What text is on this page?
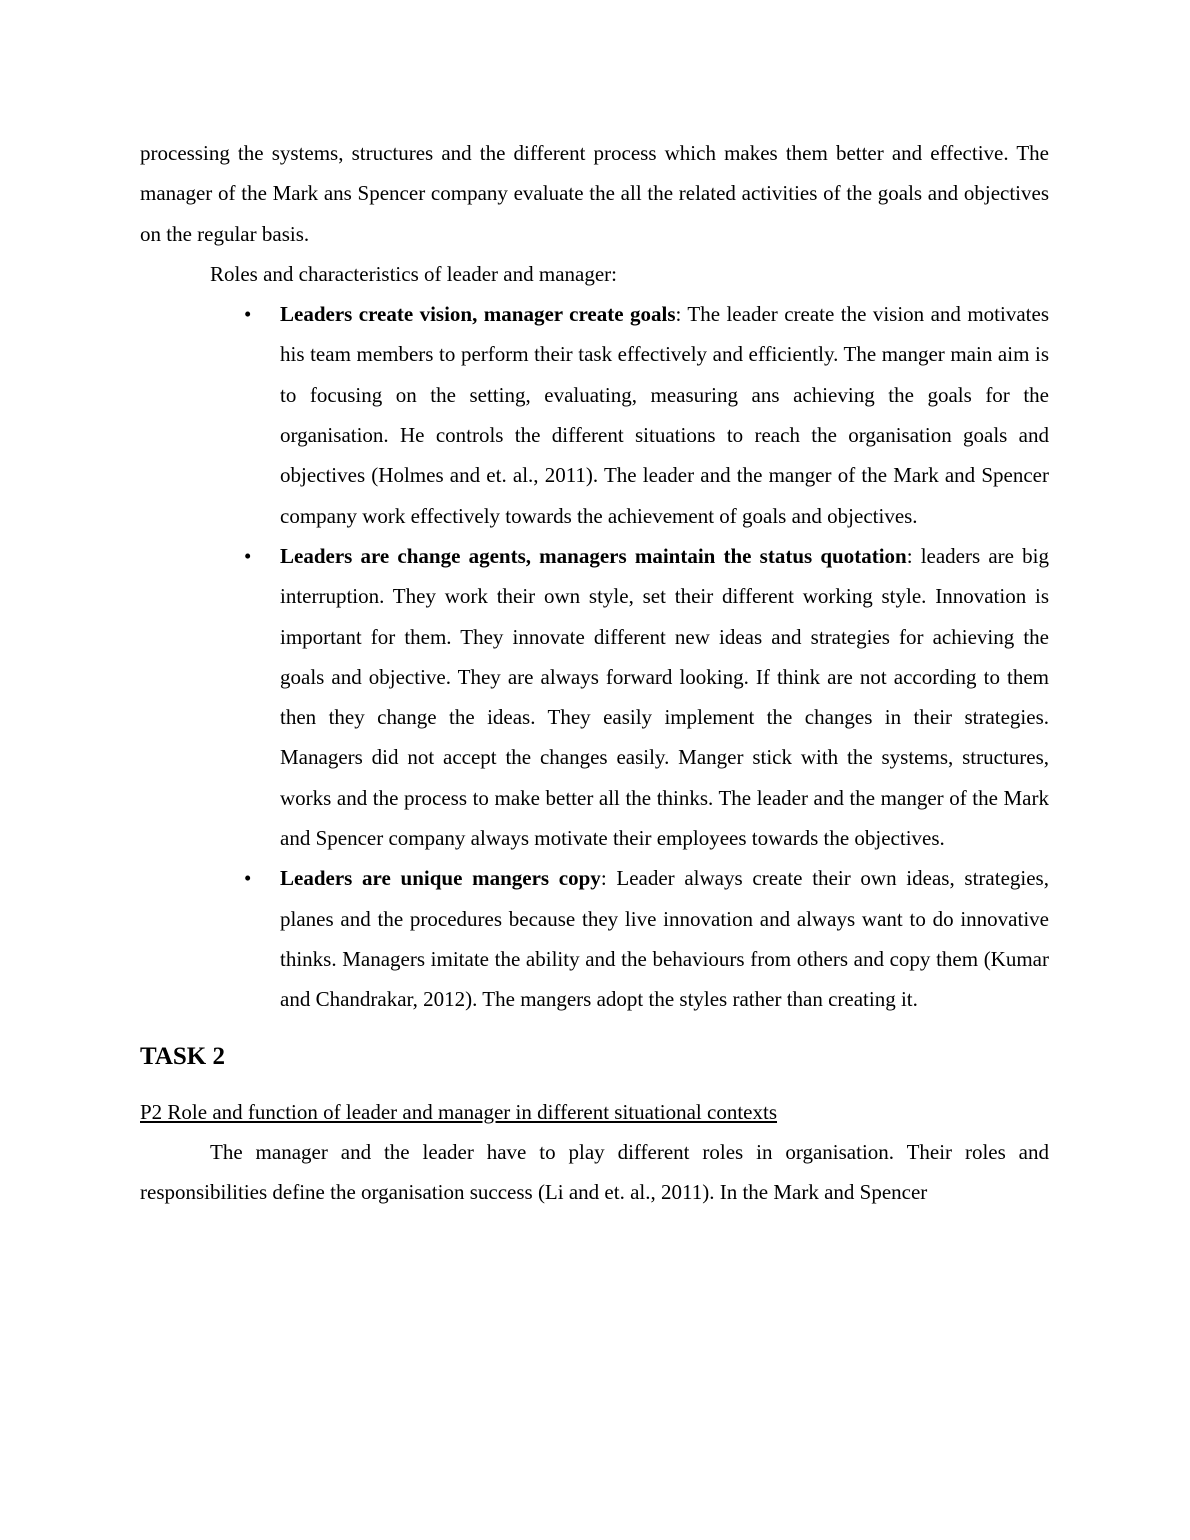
processing the systems, structures and the different process which makes them better and effective. The manager of the Mark ans Spencer company evaluate the all the related activities of the goals and objectives on the regular basis.

Roles and characteristics of leader and manager:

• Leaders create vision, manager create goals: The leader create the vision and motivates his team members to perform their task effectively and efficiently. The manger main aim is to focusing on the setting, evaluating, measuring ans achieving the goals for the organisation. He controls the different situations to reach the organisation goals and objectives (Holmes and et. al., 2011). The leader and the manger of the Mark and Spencer company work effectively towards the achievement of goals and objectives.
• Leaders are change agents, managers maintain the status quotation: leaders are big interruption. They work their own style, set their different working style. Innovation is important for them. They innovate different new ideas and strategies for achieving the goals and objective. They are always forward looking. If think are not according to them then they change the ideas. They easily implement the changes in their strategies. Managers did not accept the changes easily. Manger stick with the systems, structures, works and the process to make better all the thinks. The leader and the manger of the Mark and Spencer company always motivate their employees towards the objectives.
• Leaders are unique mangers copy: Leader always create their own ideas, strategies, planes and the procedures because they live innovation and always want to do innovative thinks. Managers imitate the ability and the behaviours from others and copy them (Kumar and Chandrakar, 2012). The mangers adopt the styles rather than creating it.
TASK 2

P2 Role and function of leader and manager in different situational contexts

The manager and the leader have to play different roles in organisation. Their roles and responsibilities define the organisation success (Li and et. al., 2011). In the Mark and Spencer
